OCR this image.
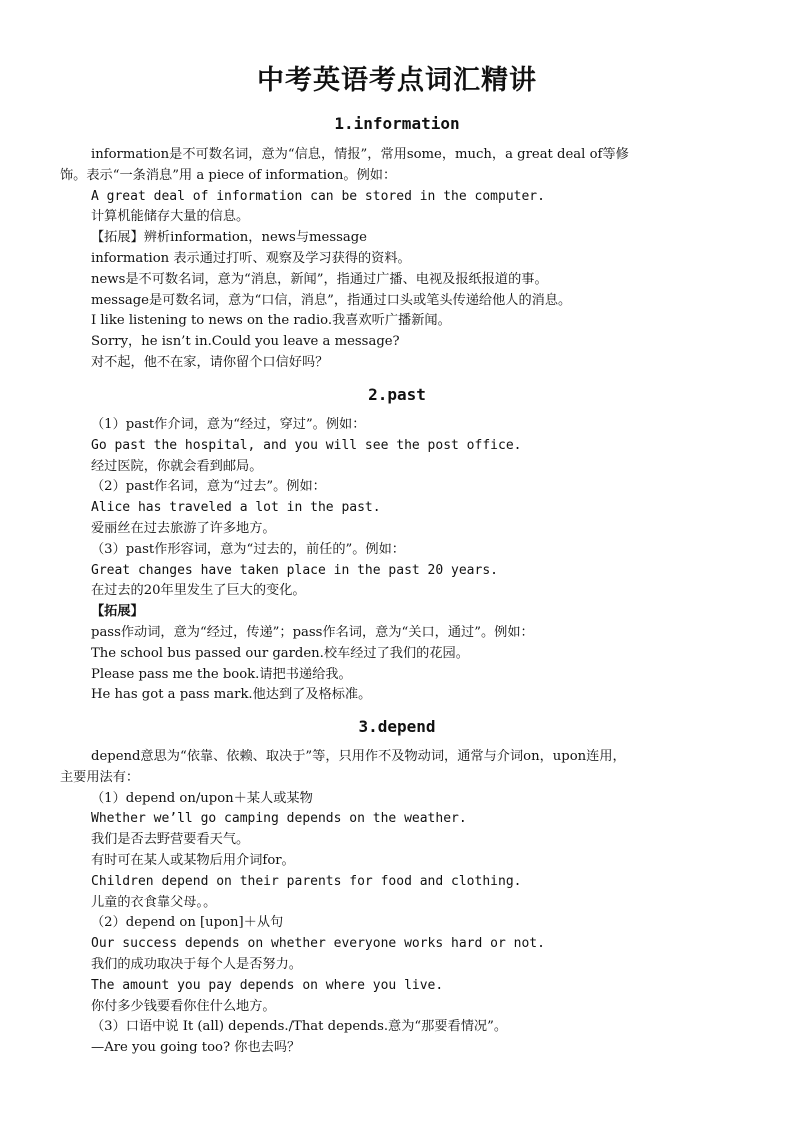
中考英语考点词汇精讲
1.information

information是不可数名词，意为“信息，情报”，常用some，much，a great deal of等修

饰。表示“一条消息”用 a piece of information。例如：

A great deal of information can be stored in the computer.

计算机能储存大量的信息。

【拓展】辨析information，news与message

information 表示通过打听、观察及学习获得的资料。

news是不可数名词，意为“消息，新闻”，指通过广播、电视及报纸报道的事。

message是可数名词，意为“口信，消息”，指通过口头或笔头传递给他人的消息。

I like listening to news on the radio.我喜欢听广播新闻。

Sorry，he isn’t in.Could you leave a message?

对不起，他不在家，请你留个口信好吗？

2.past

（1）past作介词，意为“经过，穿过”。例如：

Go past the hospital, and you will see the post office.

经过医院，你就会看到邮局。

（2）past作名词，意为“过去”。例如：

Alice has traveled a lot in the past.

爱丽丝在过去旅游了许多地方。

（3）past作形容词，意为“过去的，前任的”。例如：

Great changes have taken place in the past 20 years.

在过去的20年里发生了巨大的变化。

【拓展】

pass作动词，意为“经过，传递”；pass作名词，意为“关口，通过”。例如：

The school bus passed our garden.校车经过了我们的花园。

Please pass me the book.请把书递给我。

He has got a pass mark.他达到了及格标准。

3.depend

depend意思为“依靠、依赖、取决于”等，只用作不及物动词，通常与介词on，upon连用，

主要用法有：

（1）depend on/upon＋某人或某物

Whether we’ll go camping depends on the weather.

我们是否去野营要看天气。

有时可在某人或某物后用介词for。

Children depend on their parents for food and clothing.

儿童的衣食靠父母。。

（2）depend on [upon]＋从句

Our success depends on whether everyone works hard or not.

我们的成功取决于每个人是否努力。

The amount you pay depends on where you live.

你付多少钱要看你住什么地方。

（3）口语中说 It (all) depends./That depends.意为“那要看情况”。

—Are you going too? 你也去吗？
